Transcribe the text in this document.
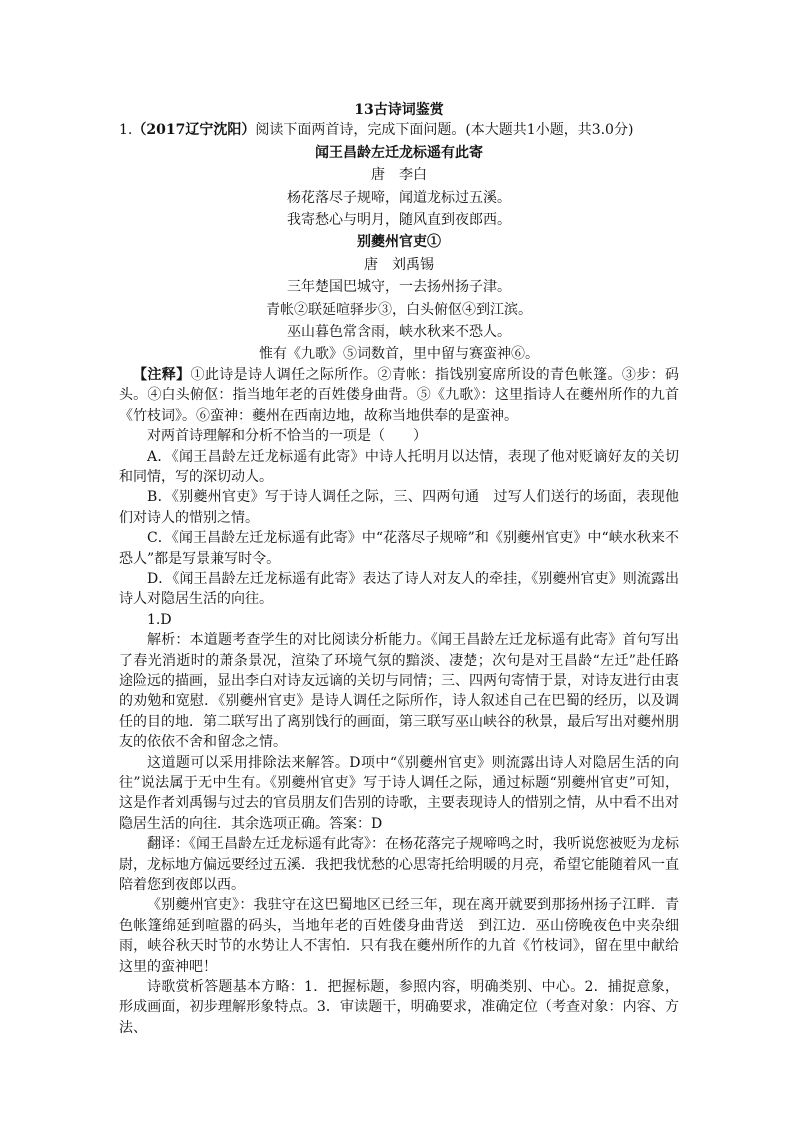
13古诗词鉴赏
1.（2017辽宁沈阳）阅读下面两首诗，完成下面问题。(本大题共1小题，共3.0分)
闻王昌龄左迁龙标遥有此寄
唐　李白
杨花落尽子规啼，闻道龙标过五溪。
我寄愁心与明月，随风直到夜郎西。
别夔州官吏①
唐　刘禹锡
三年楚国巴城守，一去扬州扬子津。
青帐②联延喧驿步③，白头俯伛④到江滨。
巫山暮色常含雨，峡水秋来不恐人。
惟有《九歌》⑤词数首，里中留与赛蛮神⑥。

【注释】①此诗是诗人调任之际所作。②青帐：指饯别宴席所设的青色帐篷。③步：码头。④白头俯伛：指当地年老的百姓偻身曲背。⑤《九歌》：这里指诗人在夔州所作的九首《竹枝词》。⑥蛮神：夔州在西南边地，故称当地供奉的是蛮神。

对两首诗理解和分析不恰当的一项是（　　）

A．《闻王昌龄左迁龙标遥有此寄》中诗人托明月以达情，表现了他对贬谪好友的关切和同情，写的深切动人。

B．《别夔州官吏》写于诗人调任之际，三、四两句通　过写人们送行的场面，表现他们对诗人的惜别之情。

C．《闻王昌龄左迁龙标遥有此寄》中“花落尽子规啼”和《别夔州官吏》中“峡水秋来不恐人”都是写景兼写时令。

D．《闻王昌龄左迁龙标遥有此寄》表达了诗人对友人的牵挂，《别夔州官吏》则流露出诗人对隐居生活的向往。

1.D

解析：本道题考查学生的对比阅读分析能力。《闻王昌龄左迁龙标遥有此寄》首句写出了春光消逝时的萧条景况，渲染了环境气氛的黯淡、凄楚；次句是对王昌龄“左迁”赴任路途险远的描画，显出李白对诗友远谪的关切与同情；三、四两句寄情于景，对诗友进行由衷的劝勉和宽慰．《别夔州官吏》是诗人调任之际所作，诗人叙述自己在巴蜀的经历，以及调任的目的地．第二联写出了离别饯行的画面，第三联写巫山峡谷的秋景，最后写出对夔州朋友的依依不舍和留念之情。

这道题可以采用排除法来解答。D项中“《别夔州官吏》则流露出诗人对隐居生活的向往”说法属于无中生有。《别夔州官吏》写于诗人调任之际，通过标题“别夔州官吏”可知，这是作者刘禹锡与过去的官员朋友们告别的诗歌，主要表现诗人的惜别之情，从中看不出对隐居生活的向往．其余选项正确。答案：D

翻译：《闻王昌龄左迁龙标遥有此寄》：在杨花落完子规啼鸣之时，我听说您被贬为龙标尉，龙标地方偏远要经过五溪．我把我忧愁的心思寄托给明暖的月亮，希望它能随着风一直陪着您到夜郎以西。

《别夔州官吏》：我驻守在这巴蜀地区已经三年，现在离开就要到那扬州扬子江畔．青色帐篷绵延到喧嚣的码头，当地年老的百姓偻身曲背送　到江边．巫山傍晚夜色中夹杂细雨，峡谷秋天时节的水势让人不害怕．只有我在夔州所作的九首《竹枝词》，留在里中献给这里的蛮神吧！

诗歌赏析答题基本方略：1．把握标题，参照内容，明确类别、中心。2．捕捉意象，形成画面，初步理解形象特点。3．审读题干，明确要求，准确定位（考查对象：内容、方法、
